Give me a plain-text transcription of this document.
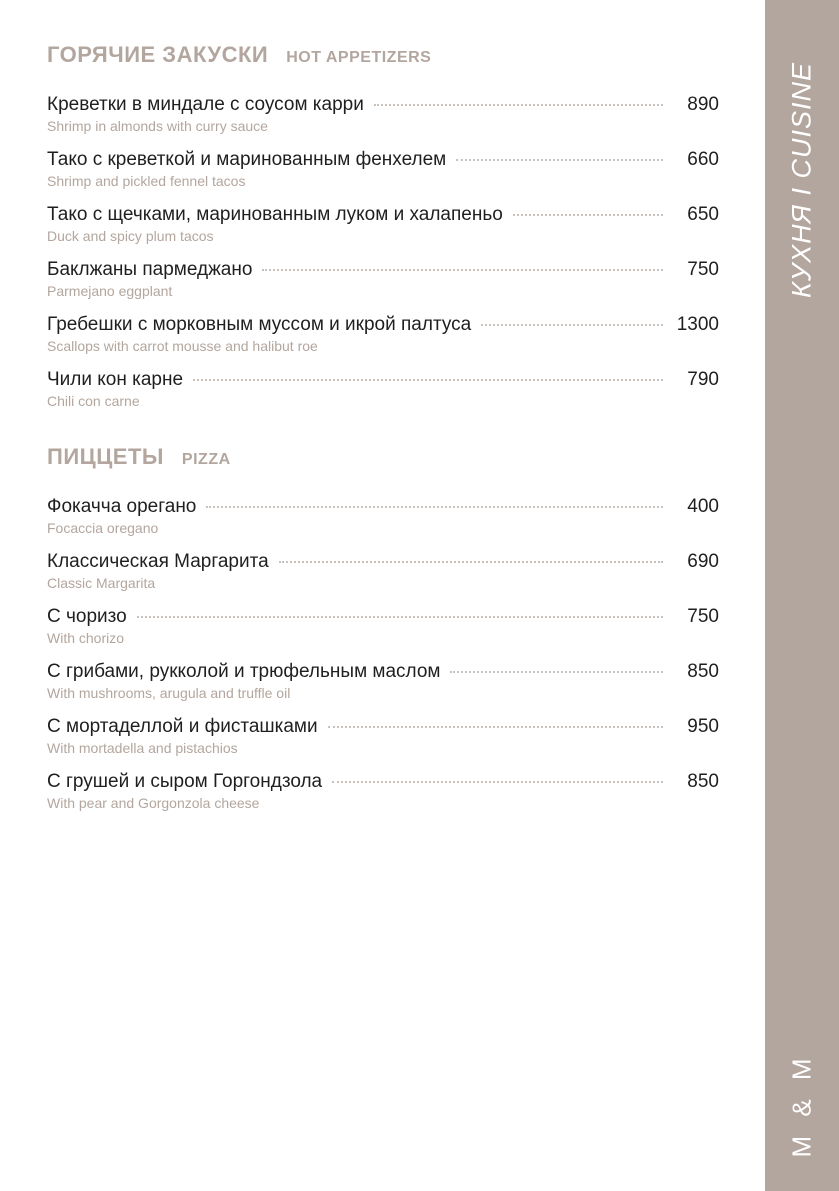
КУХНЯ I CUISINE
M & M
ГОРЯЧИЕ ЗАКУСКИ HOT APPETIZERS
Креветки в миндале с соусом карри	890
Shrimp in almonds with curry sauce
Тако с креветкой и маринованным фенхелем	660
Shrimp and pickled fennel tacos
Тако с щечками, маринованным луком и халапеньо	650
Duck and spicy plum tacos
Баклжаны пармеджано	750
Parmejano eggplant
Гребешки с морковным муссом и икрой палтуса	1300
Scallops with carrot mousse and halibut roe
Чили кон карне	790
Chili con carne
ПИЦЦЕТЫ PIZZA
Фокачча орегано	400
Focaccia oregano
Классическая Маргарита	690
Classic Margarita
С чоризо	750
With chorizo
С грибами, рукколой и трюфельным маслом	850
With mushrooms, arugula and truffle oil
С мортаделлой и фисташками	950
With mortadella and pistachios
С грушей и сыром Горгондзола	850
With pear and Gorgonzola cheese
